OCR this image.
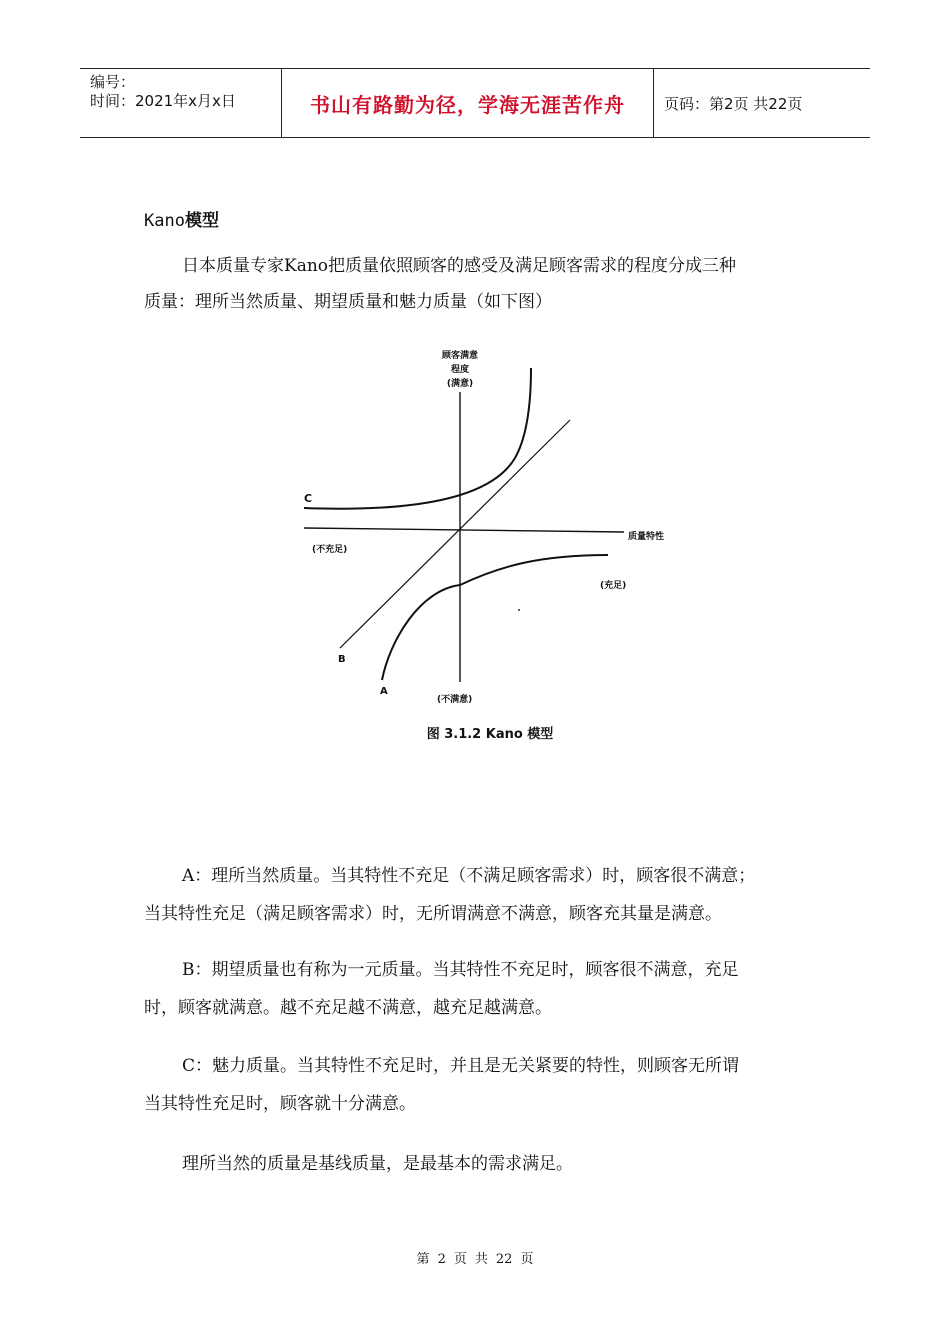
编号：
时间：2021年x月x日	书山有路勤为径，学海无涯苦作舟	页码：第2页 共22页
Kano模型
日本质量专家Kano把质量依照顾客的感受及满足顾客需求的程度分成三种
质量：理所当然质量、期望质量和魅力质量（如下图）
顾客满意
程度
(满意)
质量特性
(不充足)
(充足)
(不满意)
C
B
A
图 3.1.2 Kano 模型
A：理所当然质量。当其特性不充足（不满足顾客需求）时，顾客很不满意；
当其特性充足（满足顾客需求）时，无所谓满意不满意，顾客充其量是满意。
B：期望质量也有称为一元质量。当其特性不充足时，顾客很不满意，充足
时，顾客就满意。越不充足越不满意，越充足越满意。
C：魅力质量。当其特性不充足时，并且是无关紧要的特性，则顾客无所谓
当其特性充足时，顾客就十分满意。
理所当然的质量是基线质量，是最基本的需求满足。
第 2 页 共 22 页
